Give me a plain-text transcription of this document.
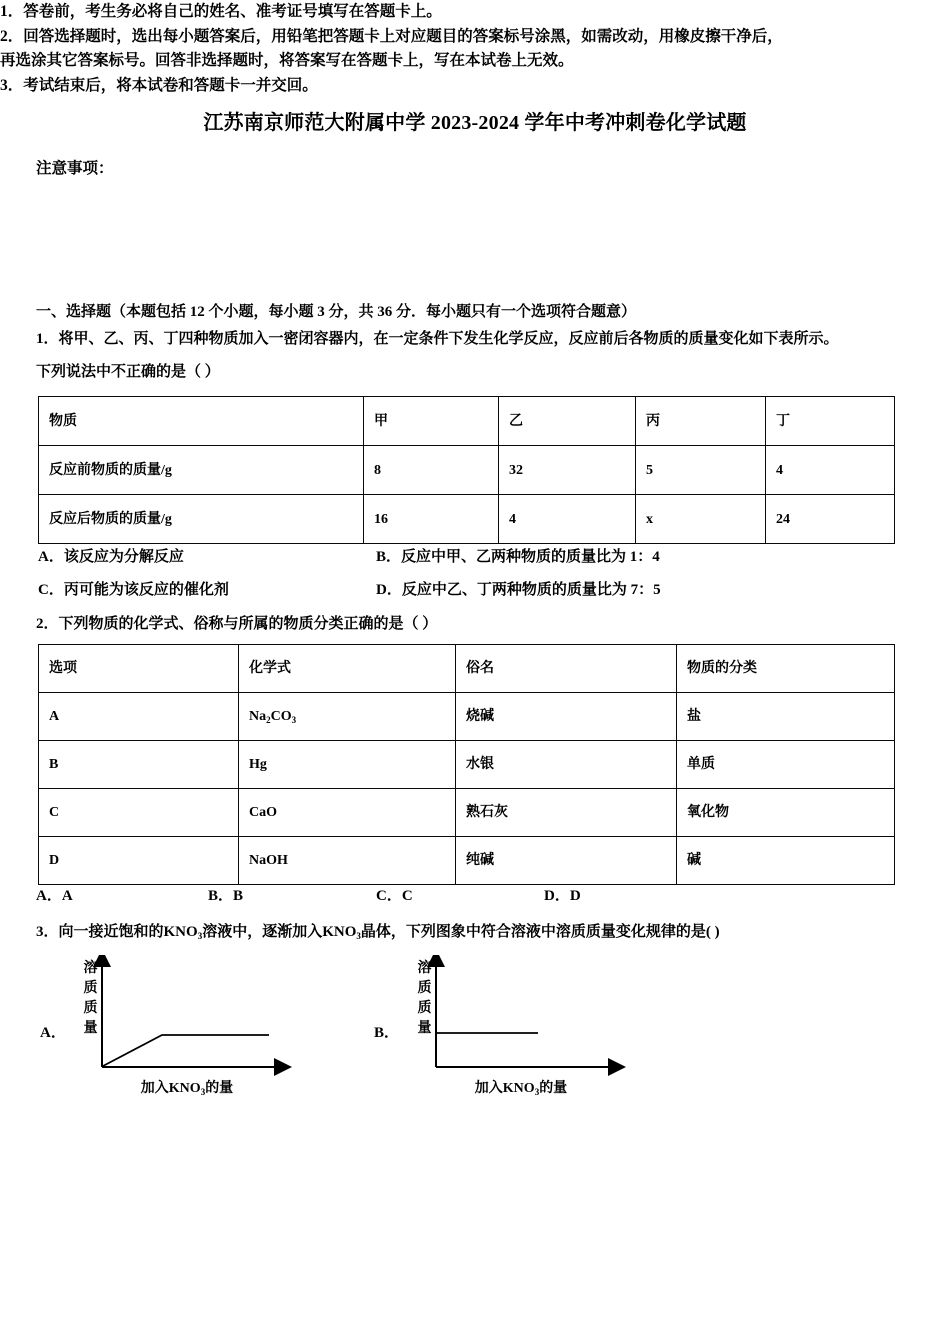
江苏南京师范大附属中学 2023-2024 学年中考冲刺卷化学试题
注意事项：
1．答卷前，考生务必将自己的姓名、准考证号填写在答题卡上。
2．回答选择题时，选出每小题答案后，用铅笔把答题卡上对应题目的答案标号涂黑，如需改动，用橡皮擦干净后，
再选涂其它答案标号。回答非选择题时，将答案写在答题卡上，写在本试卷上无效。
3．考试结束后，将本试卷和答题卡一并交回。
一、选择题（本题包括 12 个小题，每小题 3 分，共 36 分．每小题只有一个选项符合题意）
1．将甲、乙、丙、丁四种物质加入一密闭容器内，在一定条件下发生化学反应，反应前后各物质的质量变化如下表所示。
下列说法中不正确的是（ ）
物质	甲	乙	丙	丁
反应前物质的质量/g	8	32	5	4
反应后物质的质量/g	16	4	x	24
A．该反应为分解反应	B．反应中甲、乙两种物质的质量比为 1：4
C．丙可能为该反应的催化剂	D．反应中乙、丁两种物质的质量比为 7：5
2．下列物质的化学式、俗称与所属的物质分类正确的是（ ）
选项	化学式	俗名	物质的分类
A	$Na_2CO_3$	烧碱	盐
B	Hg	水银	单质
C	CaO	熟石灰	氧化物
D	NaOH	纯碱	碱
A．A	B．B	C．C	D．D
3．向一接近饱和的$KNO_3$溶液中，逐渐加入$KNO_3$晶体，下列图象中符合溶液中溶质质量变化规律的是( )
A．
溶
质
质
量
加入$KNO_3$的量
B．
溶
质
质
量
加入$KNO_3$的量
